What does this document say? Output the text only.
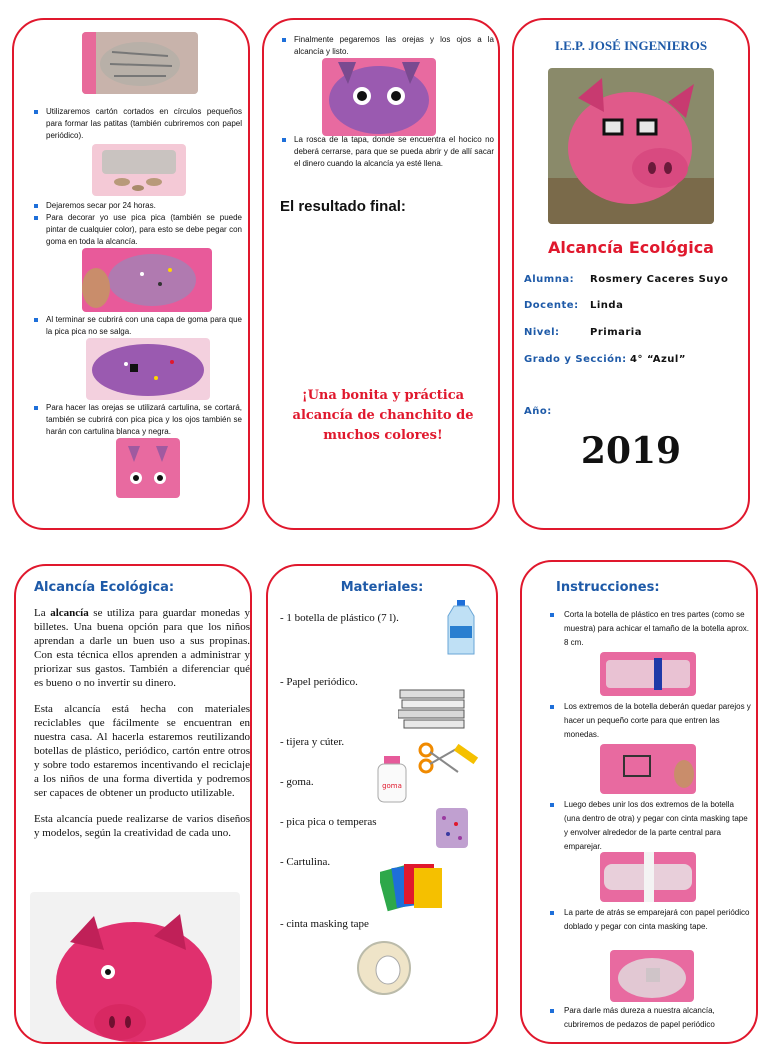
Utilizaremos cartón cortados en círculos pequeños para formar las patitas (también cubriremos con papel periódico).
Dejaremos secar por 24 horas.
Para decorar yo use pica pica (también se puede pintar de cualquier color), para esto se debe pegar con goma en toda la alcancía.
Al terminar se cubrirá con una capa de goma para que la pica pica no se salga.
Para hacer las orejas se utilizará cartulina, se cortará, también se cubrirá con pica pica y los ojos también se harán con cartulina blanca y negra.
Finalmente pegaremos las orejas y los ojos a la alcancía y listo.
La rosca de la tapa, donde se encuentra el hocico no deberá cerrarse, para que se pueda abrir y de allí sacar el dinero cuando la alcancía ya esté llena.
El resultado final:
¡Una bonita y práctica alcancía de chanchito de muchos colores!
I.E.P. JOSÉ INGENIEROS
Alcancía Ecológica
Alumna: Rosmery Caceres Suyo
Docente: Linda
Nivel:	Primaria
Grado y Sección: 4° “Azul”
Año:
2019
Alcancía Ecológica:

La alcancía se utiliza para guardar monedas y billetes. Una buena opción para que los niños aprendan a darle un buen uso a sus propinas. Con esta técnica ellos aprenden a administrar y priorizar sus gastos. También a diferenciar qué es bueno o no invertir su dinero.

Esta alcancía está hecha con materiales reciclables que fácilmente se encuentran en nuestra casa. Al hacerla estaremos reutilizando botellas de plástico, periódico, cartón entre otros y sobre todo estaremos incentivando el reciclaje a los niños de una forma divertida y podremos ser capaces de obtener un producto utilizable.

Esta alcancía puede realizarse de varios diseños y modelos, según la creatividad de cada uno.

Materiales:
- 1 botella de plástico (7 l).
- Papel periódico.
- tijera y cúter.
- goma.	goma
- pica pica o temperas
- Cartulina.
- cinta masking tape
Instrucciones:
Corta la botella de plástico en tres partes (como se muestra) para achicar el tamaño de la botella aprox. 8 cm.
Los extremos de la botella deberán quedar parejos y hacer un pequeño corte para que entren las monedas.
Luego debes unir los dos extremos de la botella (una dentro de otra) y pegar con cinta masking tape y envolver alrededor de la parte central para emparejar.
La parte de atrás se emparejará con papel periódico doblado y pegar con cinta masking tape.
Para darle más dureza a nuestra alcancía, cubriremos de pedazos de papel periódico
